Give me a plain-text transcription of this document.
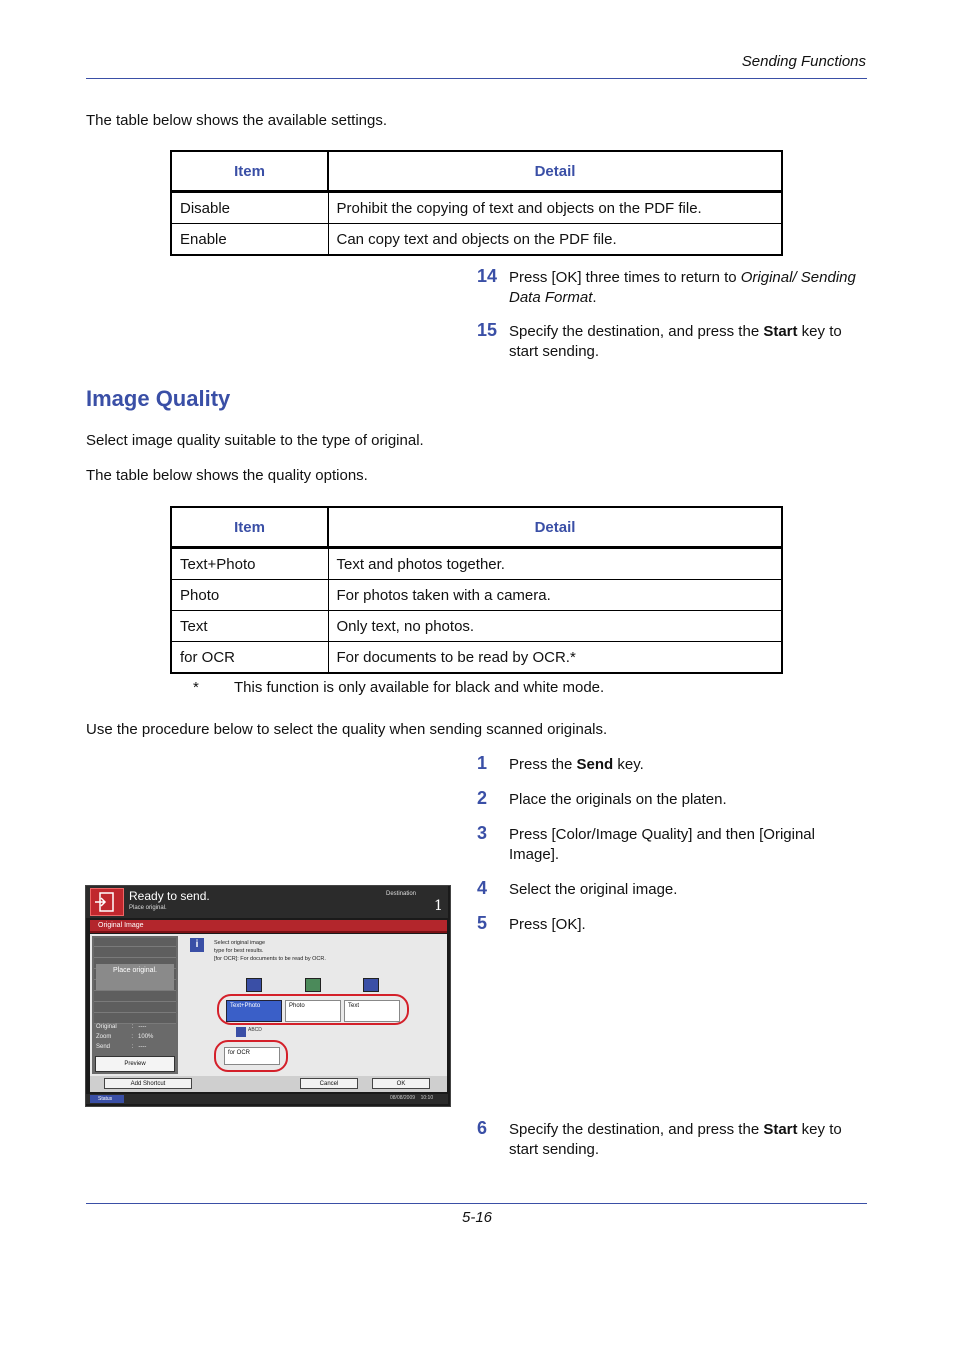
Sending Functions
The table below shows the available settings.
Item	Detail
Disable	Prohibit the copying of text and objects on the PDF file.
Enable	Can copy text and objects on the PDF file.
14 Press [OK] three times to return to Original/ Sending Data Format.
15 Specify the destination, and press the Start key to start sending.
Image Quality
Select image quality suitable to the type of original.
The table below shows the quality options.
Item	Detail
Text+Photo	Text and photos together.
Photo	For photos taken with a camera.
Text	Only text, no photos.
for OCR	For documents to be read by OCR.*
* This function is only available for black and white mode.
Use the procedure below to select the quality when sending scanned originals.
1	Press the Send key.
2	Place the originals on the platen.
3	Press [Color/Image Quality] and then [Original Image].
4	Select the original image.
5	Press [OK].
6	Specify the destination, and press the Start key to start sending.
Ready to send.
Place original.
Destination
1
Original Image
Place original.
Original	: ----
Zoom	: 100%
Send	: ----
Preview
i	Select original image
type for best results.
[for OCR]: For documents to be read by OCR.
Text+Photo	Photo	Text
ABCD
for OCR
Add Shortcut	Cancel	OK
Status	08/08/2009    10:10
5-16
